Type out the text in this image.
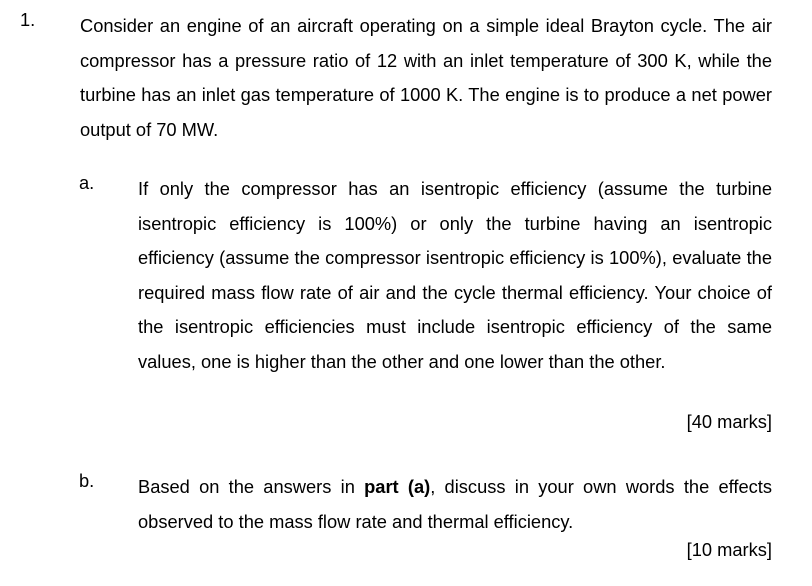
1. Consider an engine of an aircraft operating on a simple ideal Brayton cycle. The air compressor has a pressure ratio of 12 with an inlet temperature of 300 K, while the turbine has an inlet gas temperature of 1000 K. The engine is to produce a net power output of 70 MW.
a. If only the compressor has an isentropic efficiency (assume the turbine isentropic efficiency is 100%) or only the turbine having an isentropic efficiency (assume the compressor isentropic efficiency is 100%), evaluate the required mass flow rate of air and the cycle thermal efficiency. Your choice of the isentropic efficiencies must include isentropic efficiency of the same values, one is higher than the other and one lower than the other.
[40 marks]
b. Based on the answers in part (a), discuss in your own words the effects observed to the mass flow rate and thermal efficiency.
[10 marks]
